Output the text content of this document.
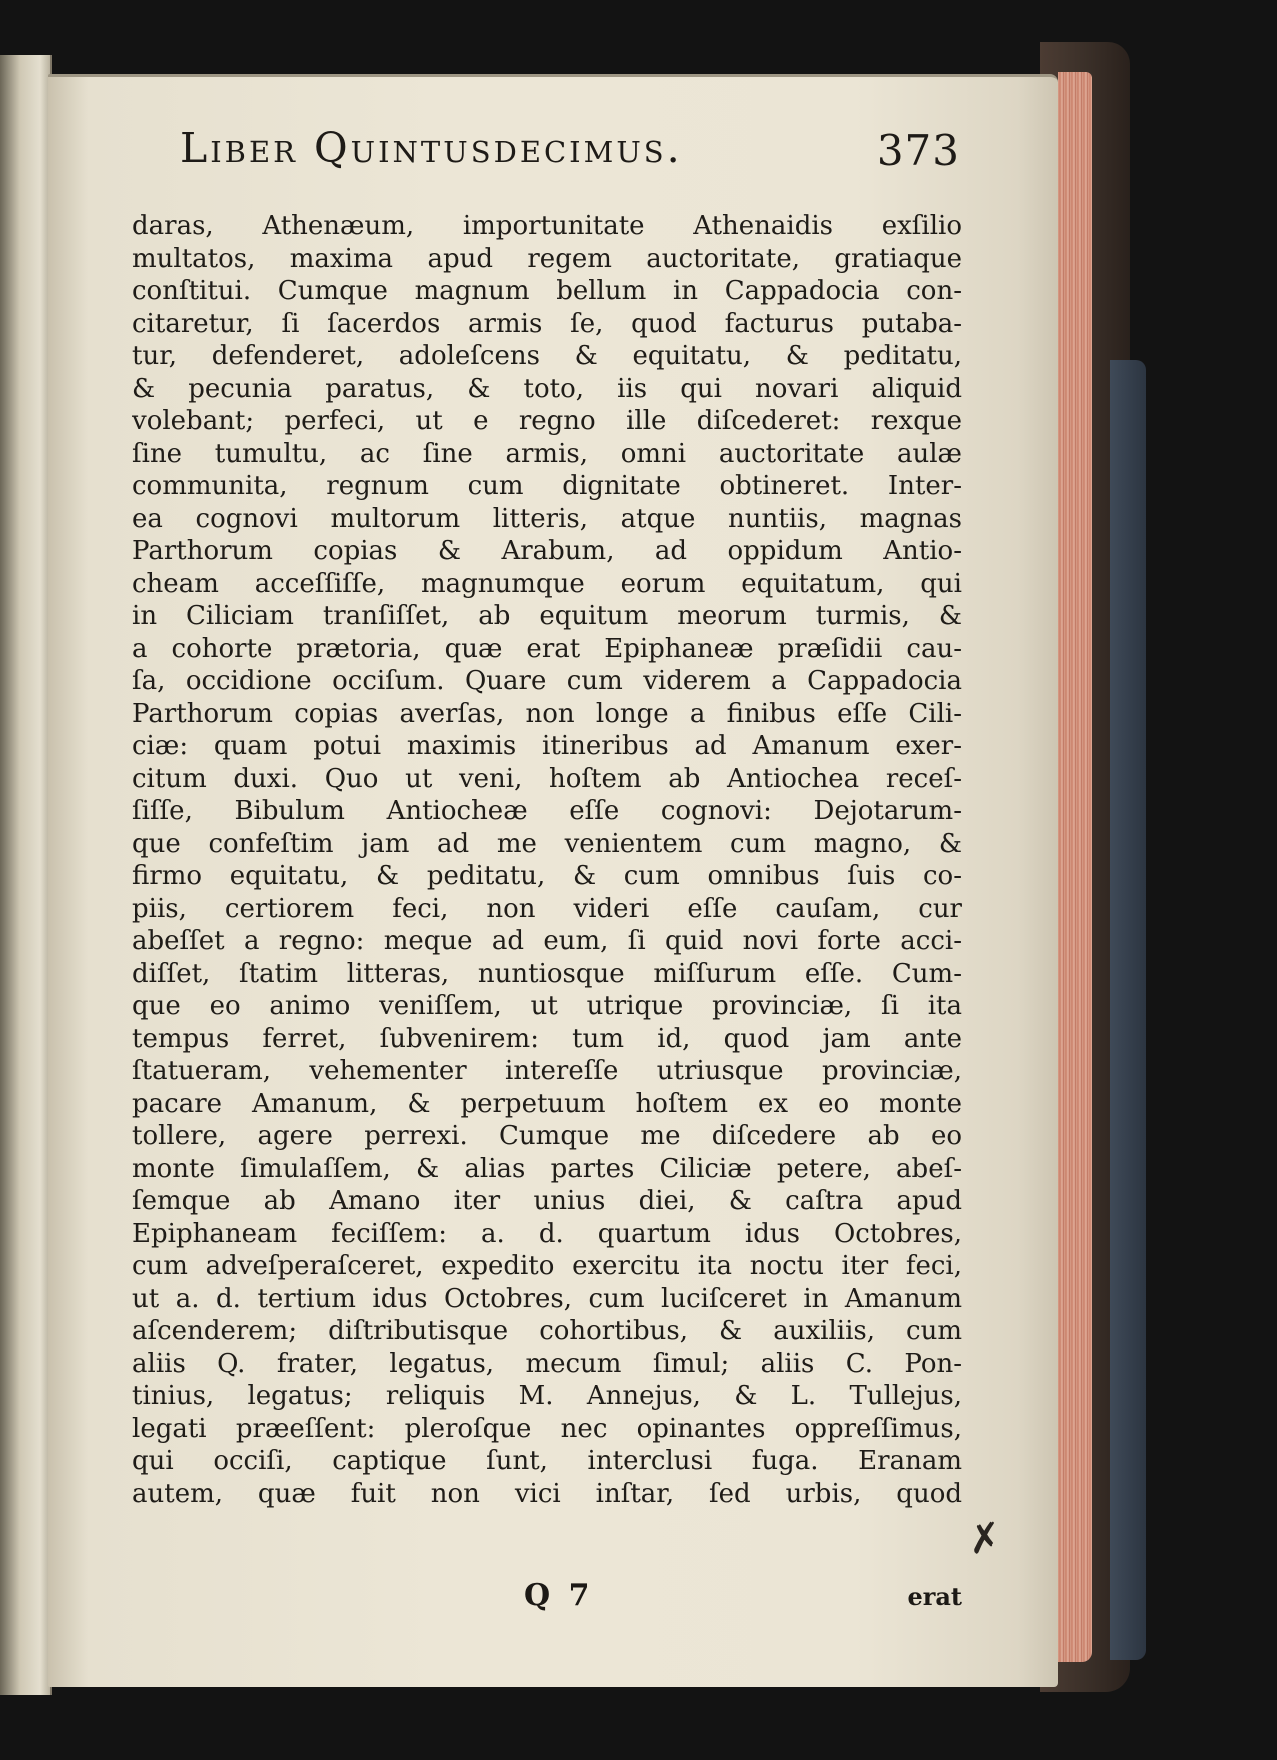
Liber Quintusdecimus.	373
daras, Athenæum, importunitate Athenaidis exſilio
multatos, maxima apud regem auctoritate, gratiaque
conſtitui. Cumque magnum bellum in Cappadocia con-
citaretur, ſi ſacerdos armis ſe, quod facturus putaba-
tur, defenderet, adoleſcens & equitatu, & peditatu,
& pecunia paratus, & toto, iis qui novari aliquid
volebant; perfeci, ut e regno ille diſcederet: rexque
ſine tumultu, ac ſine armis, omni auctoritate aulæ
communita, regnum cum dignitate obtineret. Inter-
ea cognovi multorum litteris, atque nuntiis, magnas
Parthorum copias & Arabum, ad oppidum Antio-
cheam acceſſiſſe, magnumque eorum equitatum, qui
in Ciliciam tranſiſſet, ab equitum meorum turmis, &
a cohorte prætoria, quæ erat Epiphaneæ præſidii cau-
ſa, occidione occiſum. Quare cum viderem a Cappadocia
Parthorum copias averſas, non longe a finibus eſſe Cili-
ciæ: quam potui maximis itineribus ad Amanum exer-
citum duxi. Quo ut veni, hoſtem ab Antiochea receſ-
ſiſſe, Bibulum Antiocheæ eſſe cognovi: Dejotarum-
que confeſtim jam ad me venientem cum magno, &
firmo equitatu, & peditatu, & cum omnibus ſuis co-
piis, certiorem feci, non videri eſſe cauſam, cur
abeſſet a regno: meque ad eum, ſi quid novi forte acci-
diſſet, ſtatim litteras, nuntiosque miſſurum eſſe. Cum-
que eo animo veniſſem, ut utrique provinciæ, ſi ita
tempus ferret, ſubvenirem: tum id, quod jam ante
ſtatueram, vehementer intereſſe utriusque provinciæ,
pacare Amanum, & perpetuum hoſtem ex eo monte
tollere, agere perrexi. Cumque me diſcedere ab eo
monte ſimulaſſem, & alias partes Ciliciæ petere, abeſ-
ſemque ab Amano iter unius diei, & caſtra apud
Epiphaneam feciſſem: a. d. quartum idus Octobres,
cum adveſperaſceret, expedito exercitu ita noctu iter feci,
ut a. d. tertium idus Octobres, cum luciſceret in Amanum
aſcenderem; diſtributisque cohortibus, & auxiliis, cum
aliis Q. frater, legatus, mecum ſimul; aliis C. Pon-
tinius, legatus; reliquis M. Annejus, & L. Tullejus,
legati præeſſent: pleroſque nec opinantes oppreſſimus,
qui occiſi, captique ſunt, interclusi fuga. Eranam
autem, quæ fuit non vici inſtar, ſed urbis, quod
Q 7	erat
✗
